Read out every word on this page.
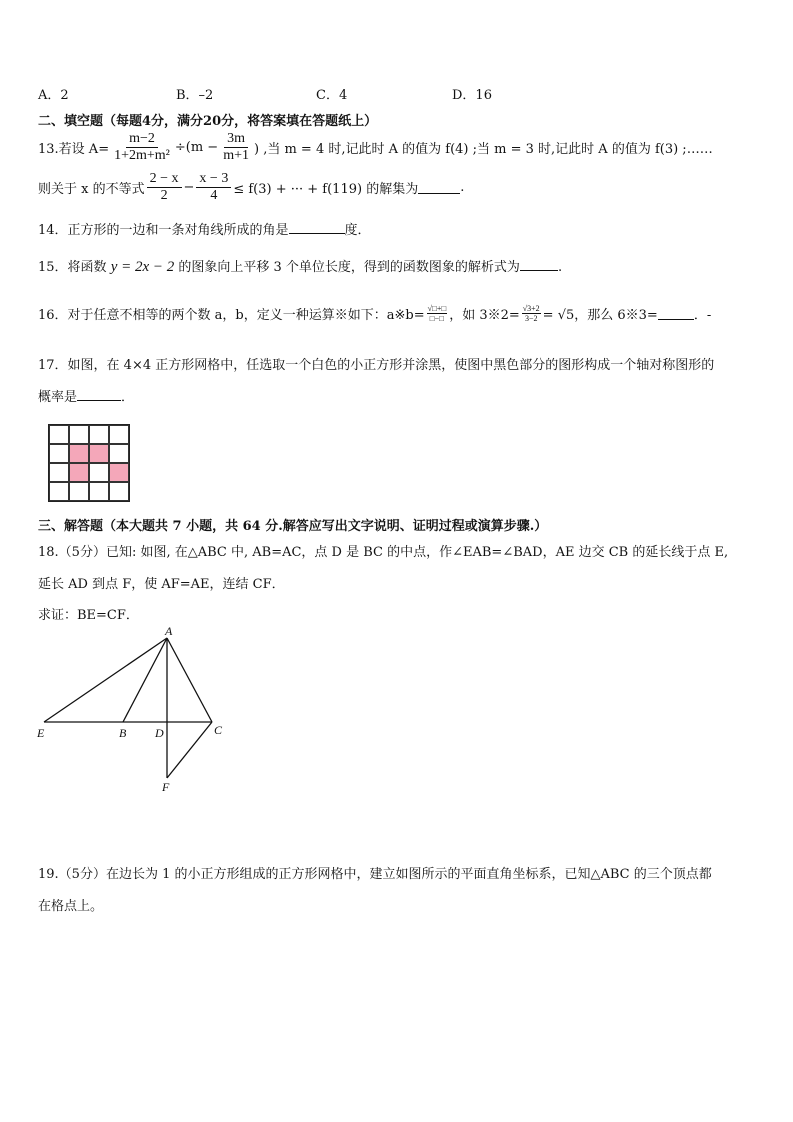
A．2	B．–2	C．4	D．16
二、填空题（每题4分，满分20分，将答案填在答题纸上）
13.若设 $A= \frac{m-2}{\text{1+2m+m²}} \div(m - \frac{3m}{m+1}$ ) ,当 m = 4 时,记此时 A 的值为 f(4) ;当 m = 3 时,记此时 A 的值为 f(3) ;……
则关于 x 的不等式 $\frac{2 - x}{2} - \frac{x - 3}{4} \le f(3)$ + ··· + f(119) 的解集为	.
14．正方形的一边和一条对角线所成的角是	度．
15．将函数 y = 2x − 2 的图象向上平移 3 个单位长度，得到的函数图象的解析式为	.
16．对于任意不相等的两个数 a，b，定义一种运算※如下：a※b= $\frac{√□+□}{□-□}$ ，如 3※2= $\frac{√3+2}{3-2} = √5$，那么 6※3=	．-
17．如图，在 4×4 正方形网格中，任选取一个白色的小正方形并涂黑，使图中黑色部分的图形构成一个轴对称图形的
概率是	．
三、解答题（本大题共 7 小题，共 64 分.解答应写出文字说明、证明过程或演算步骤.）
18.（5分）已知: 如图, 在△ABC 中, AB=AC，点 D 是 BC 的中点，作∠EAB=∠BAD，AE 边交 CB 的延长线于点 E,
延长 AD 到点 F，使 AF=AE，连结 CF．
求证：BE=CF．
A
E	B D	C
F
19.（5分）在边长为 1 的小正方形组成的正方形网格中，建立如图所示的平面直角坐标系，已知△ABC 的三个顶点都
在格点上。
